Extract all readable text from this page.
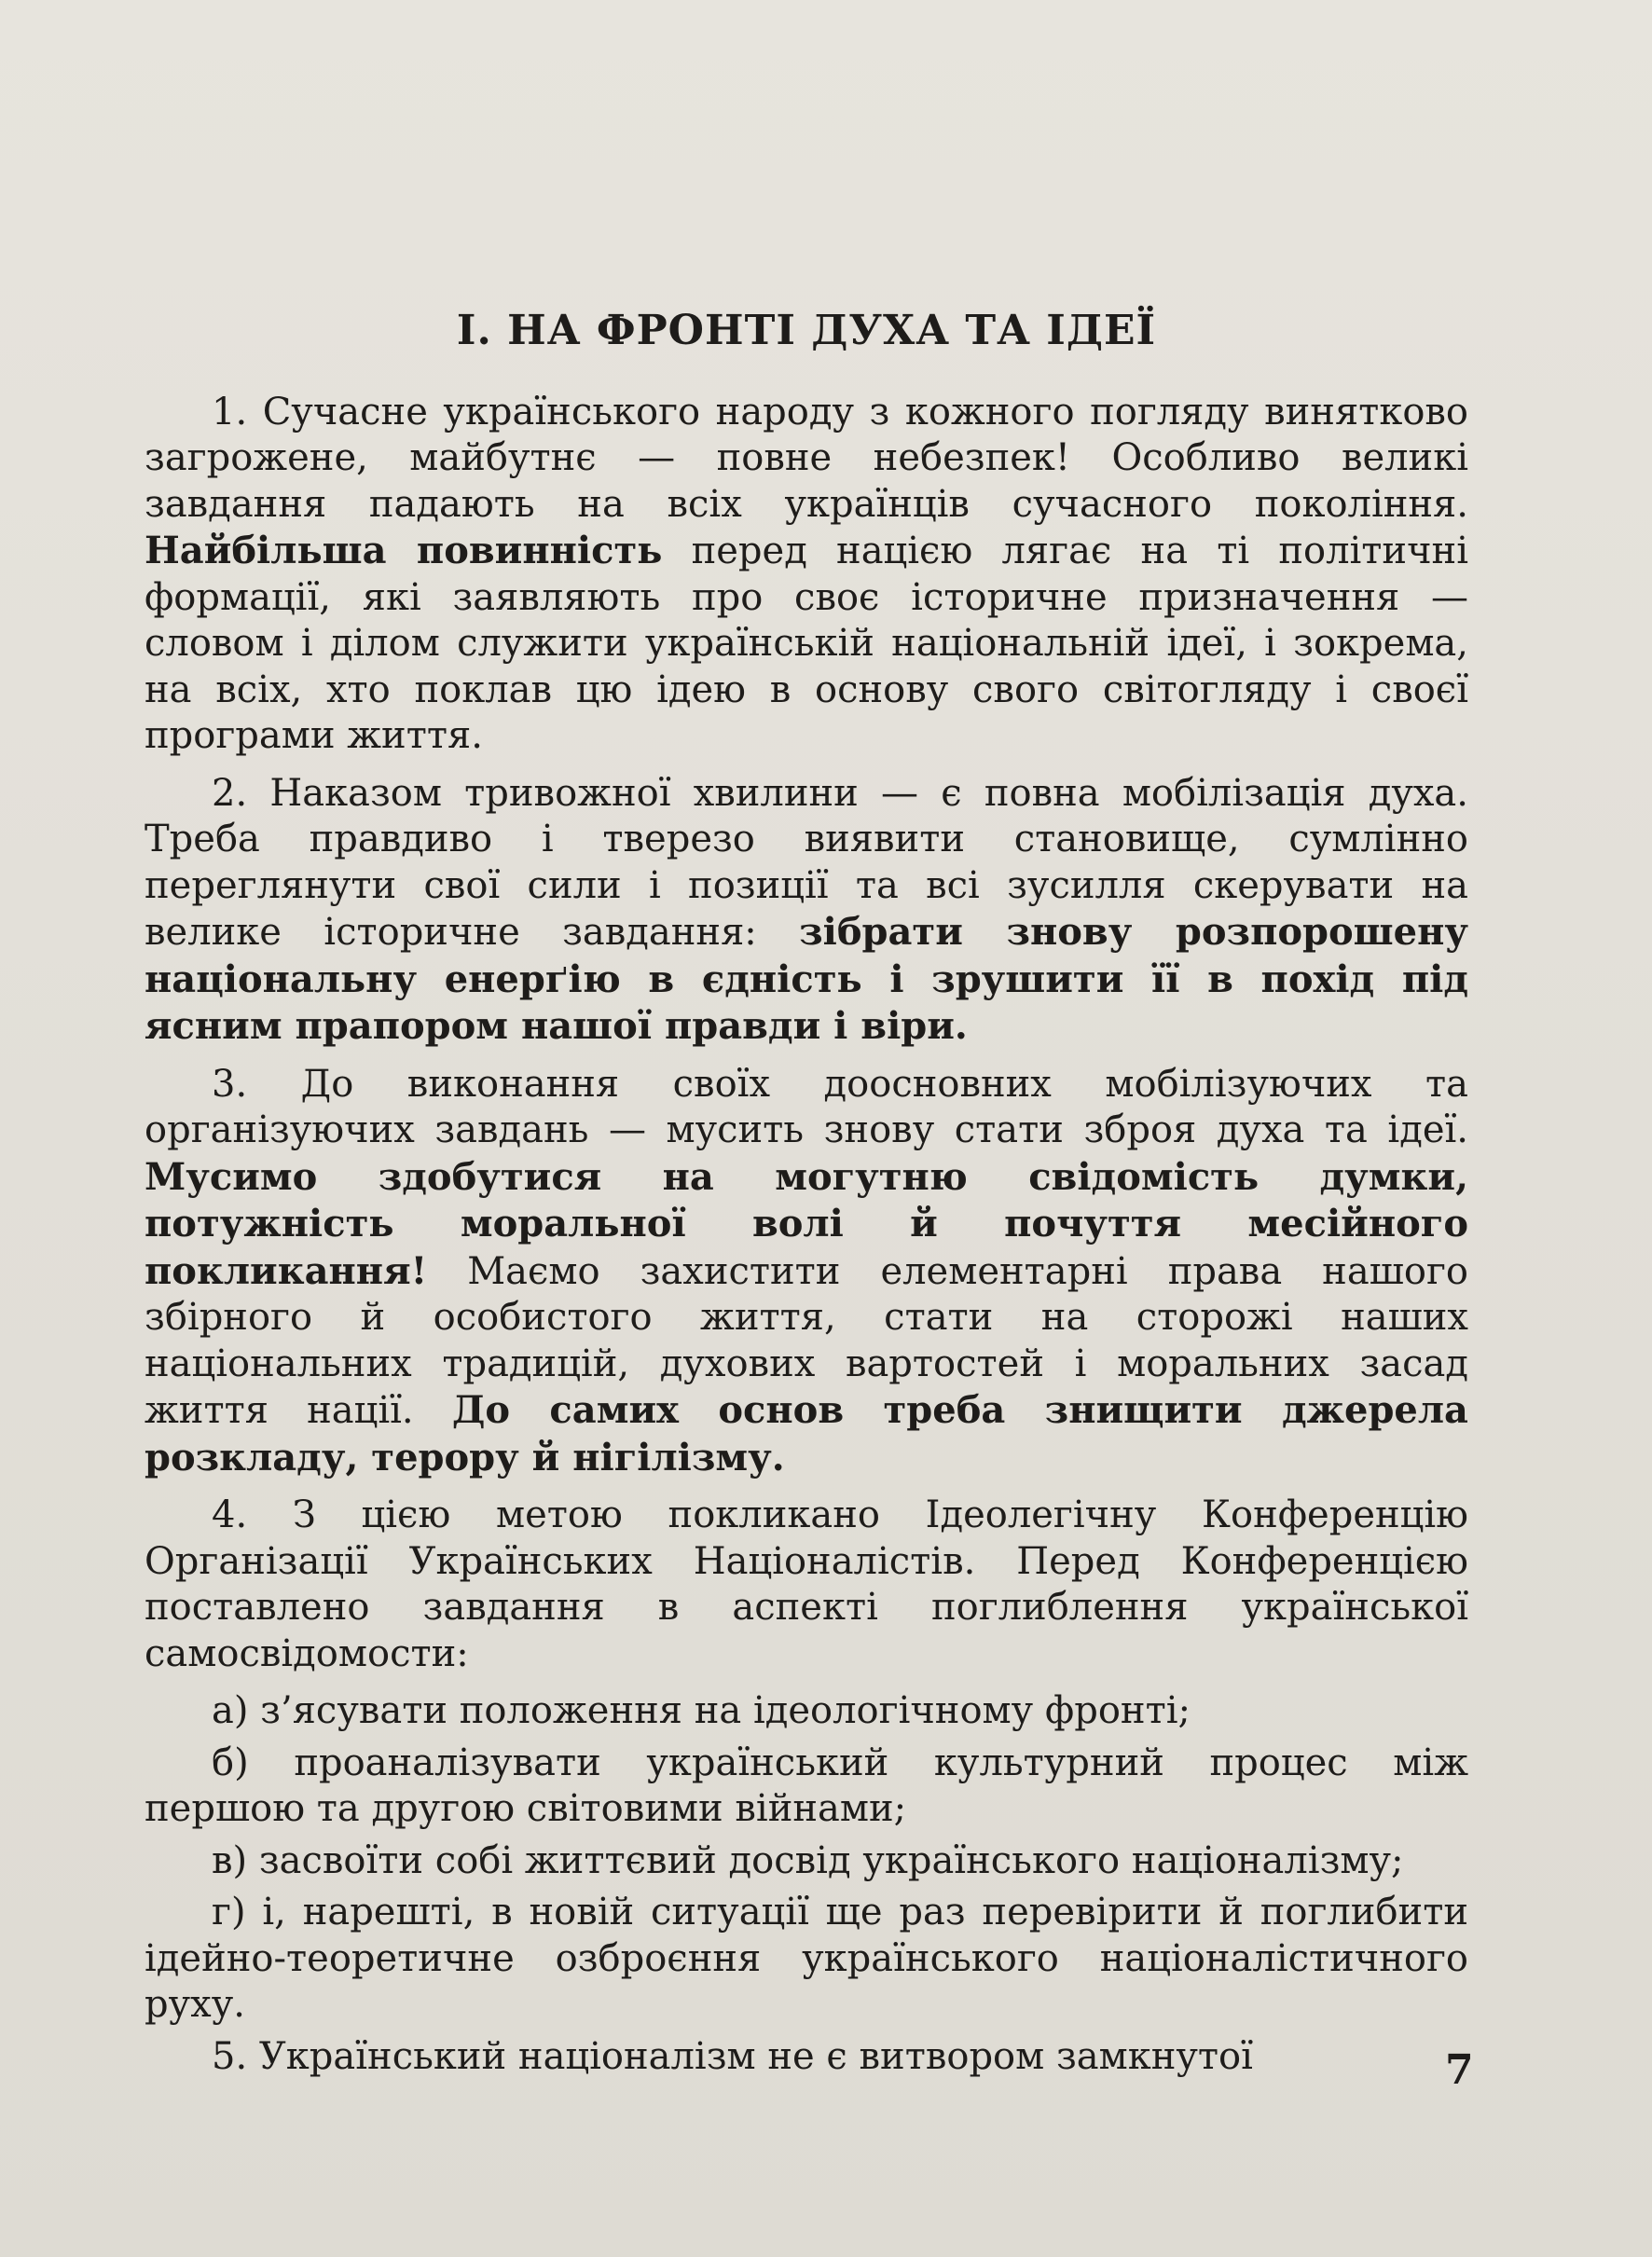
І. НА ФРОНТІ ДУХА ТА ІДЕЇ

1. Сучасне українського народу з кожного погляду винятково загрожене, майбутнє — повне небезпек! Особливо великі завдання падають на всіх українців сучасного покоління. Найбільша повинність перед нацією лягає на ті політичні формації, які заявляють про своє історичне призначення — словом і ділом служити українській національній ідеї, і зокрема, на всіх, хто поклав цю ідею в основу свого світогляду і своєї програми життя.

2. Наказом тривожної хвилини — є повна мобілізація духа. Треба правдиво і тверезо виявити становище, сумлінно переглянути свої сили і позиції та всі зусилля скерувати на велике історичне завдання: зібрати знову розпорошену національну енерґію в єдність і зрушити її в похід під ясним прапором нашої правди і віри.

3. До виконання своїх доосновних мобілізуючих та організуючих завдань — мусить знову стати зброя духа та ідеї. Мусимо здобутися на могутню свідомість думки, потужність моральної волі й почуття месійного покликання! Маємо захистити елементарні права нашого збірного й особистого життя, стати на сторожі наших національних традицій, духових вартостей і моральних засад життя нації. До самих основ треба знищити джерела розкладу, терору й нігілізму.

4. З цією метою покликано Ідеолегічну Конференцію Організації Українських Націоналістів. Перед Конференцією поставлено завдання в аспекті поглиблення української самосвідомости:

а) з’ясувати положення на ідеологічному фронті;

б) проаналізувати український культурний процес між першою та другою світовими війнами;

в) засвоїти собі життєвий досвід українського націоналізму;

г) і, нарешті, в новій ситуації ще раз перевірити й поглибити ідейно-теоретичне озброєння українського націоналістичного руху.

5. Український націоналізм не є витвором замкнутої	7
